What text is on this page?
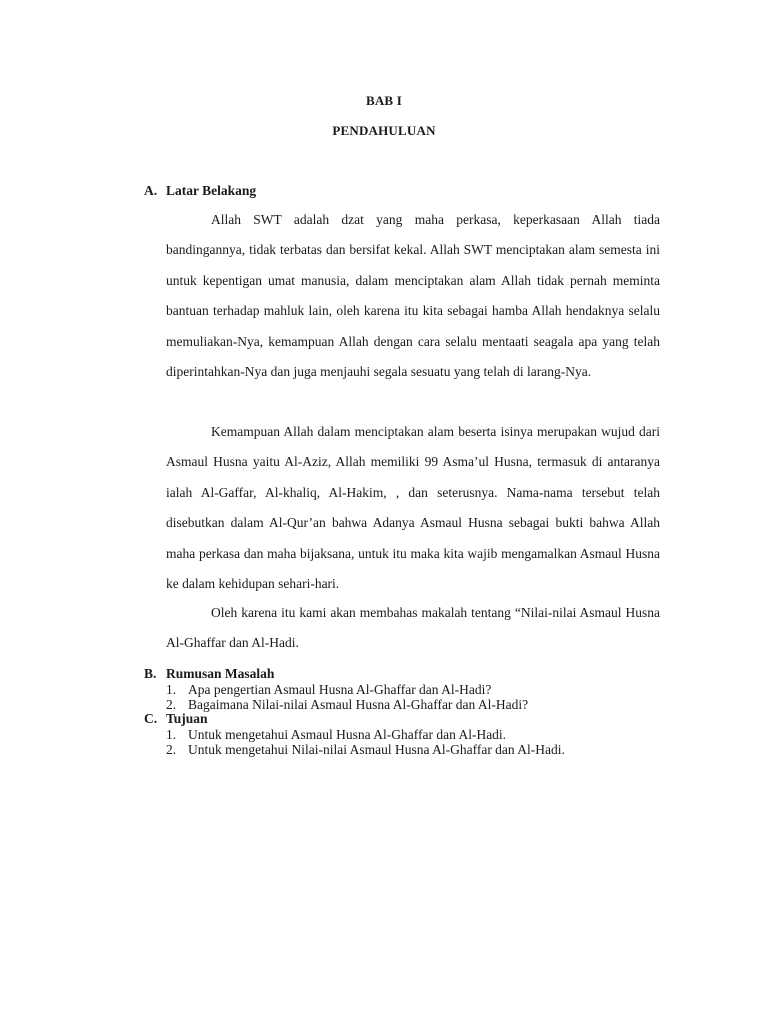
BAB I
PENDAHULUAN
A. Latar Belakang

Allah SWT adalah dzat yang maha perkasa, keperkasaan Allah tiada bandingannya, tidak terbatas dan bersifat kekal. Allah SWT menciptakan alam semesta ini untuk kepentigan umat manusia, dalam menciptakan alam Allah tidak pernah meminta bantuan terhadap mahluk lain, oleh karena itu kita sebagai hamba Allah hendaknya selalu memuliakan-Nya, kemampuan Allah dengan cara selalu mentaati seagala apa yang telah diperintahkan-Nya dan juga menjauhi segala sesuatu yang telah di larang-Nya.

Kemampuan Allah dalam menciptakan alam beserta isinya merupakan wujud dari Asmaul Husna yaitu Al-Aziz, Allah memiliki 99 Asma’ul Husna, termasuk di antaranya ialah Al-Gaffar, Al-khaliq, Al-Hakim, , dan seterusnya. Nama-nama tersebut telah disebutkan dalam Al-Qur’an bahwa Adanya Asmaul Husna sebagai bukti bahwa Allah maha perkasa dan maha bijaksana, untuk itu maka kita wajib mengamalkan Asmaul Husna ke dalam kehidupan sehari-hari.

Oleh karena itu kami akan membahas makalah tentang “Nilai-nilai Asmaul Husna Al-Ghaffar dan Al-Hadi.

B. Rumusan Masalah
1. Apa pengertian Asmaul Husna Al-Ghaffar dan Al-Hadi?
2. Bagaimana Nilai-nilai Asmaul Husna Al-Ghaffar dan Al-Hadi?
C. Tujuan
1. Untuk mengetahui Asmaul Husna Al-Ghaffar dan Al-Hadi.
2. Untuk mengetahui Nilai-nilai Asmaul Husna Al-Ghaffar dan Al-Hadi.
